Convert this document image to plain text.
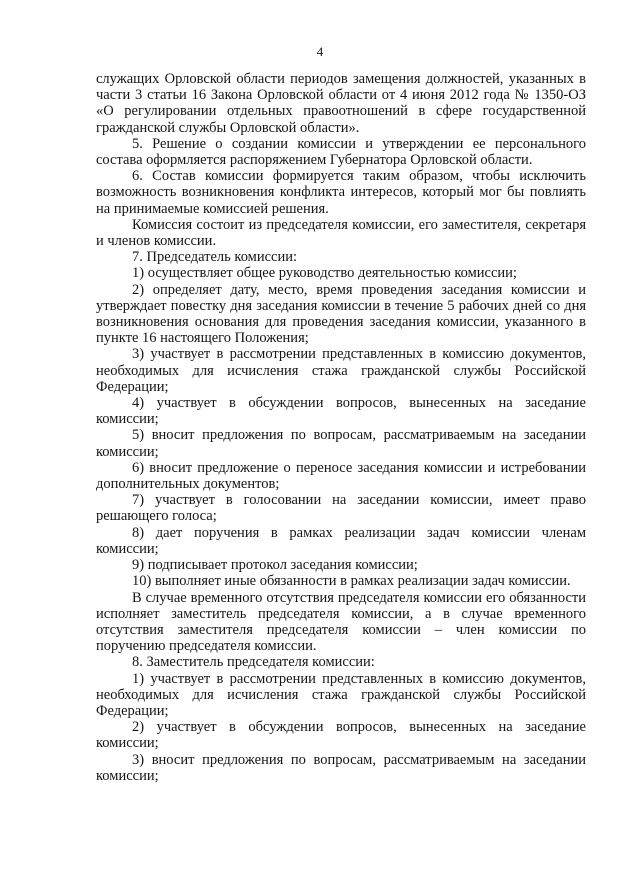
4

служащих Орловской области периодов замещения должностей, указанных в части 3 статьи 16 Закона Орловской области от 4 июня 2012 года № 1350-ОЗ «О регулировании отдельных правоотношений в сфере государственной гражданской службы Орловской области».

5. Решение о создании комиссии и утверждении ее персонального состава оформляется распоряжением Губернатора Орловской области.

6. Состав комиссии формируется таким образом, чтобы исключить возможность возникновения конфликта интересов, который мог бы повлиять на принимаемые комиссией решения.

Комиссия состоит из председателя комиссии, его заместителя, секретаря и членов комиссии.

7. Председатель комиссии:

1) осуществляет общее руководство деятельностью комиссии;

2) определяет дату, место, время проведения заседания комиссии и утверждает повестку дня заседания комиссии в течение 5 рабочих дней со дня возникновения основания для проведения заседания комиссии, указанного в пункте 16 настоящего Положения;

3) участвует в рассмотрении представленных в комиссию документов, необходимых для исчисления стажа гражданской службы Российской Федерации;

4) участвует в обсуждении вопросов, вынесенных на заседание комиссии;

5) вносит предложения по вопросам, рассматриваемым на заседании комиссии;

6) вносит предложение о переносе заседания комиссии и истребовании дополнительных документов;

7) участвует в голосовании на заседании комиссии, имеет право решающего голоса;

8) дает поручения в рамках реализации задач комиссии членам комиссии;

9) подписывает протокол заседания комиссии;

10) выполняет иные обязанности в рамках реализации задач комиссии.

В случае временного отсутствия председателя комиссии его обязанности исполняет заместитель председателя комиссии, а в случае временного отсутствия заместителя председателя комиссии – член комиссии по поручению председателя комиссии.

8. Заместитель председателя комиссии:

1) участвует в рассмотрении представленных в комиссию документов, необходимых для исчисления стажа гражданской службы Российской Федерации;

2) участвует в обсуждении вопросов, вынесенных на заседание комиссии;

3) вносит предложения по вопросам, рассматриваемым на заседании комиссии;
